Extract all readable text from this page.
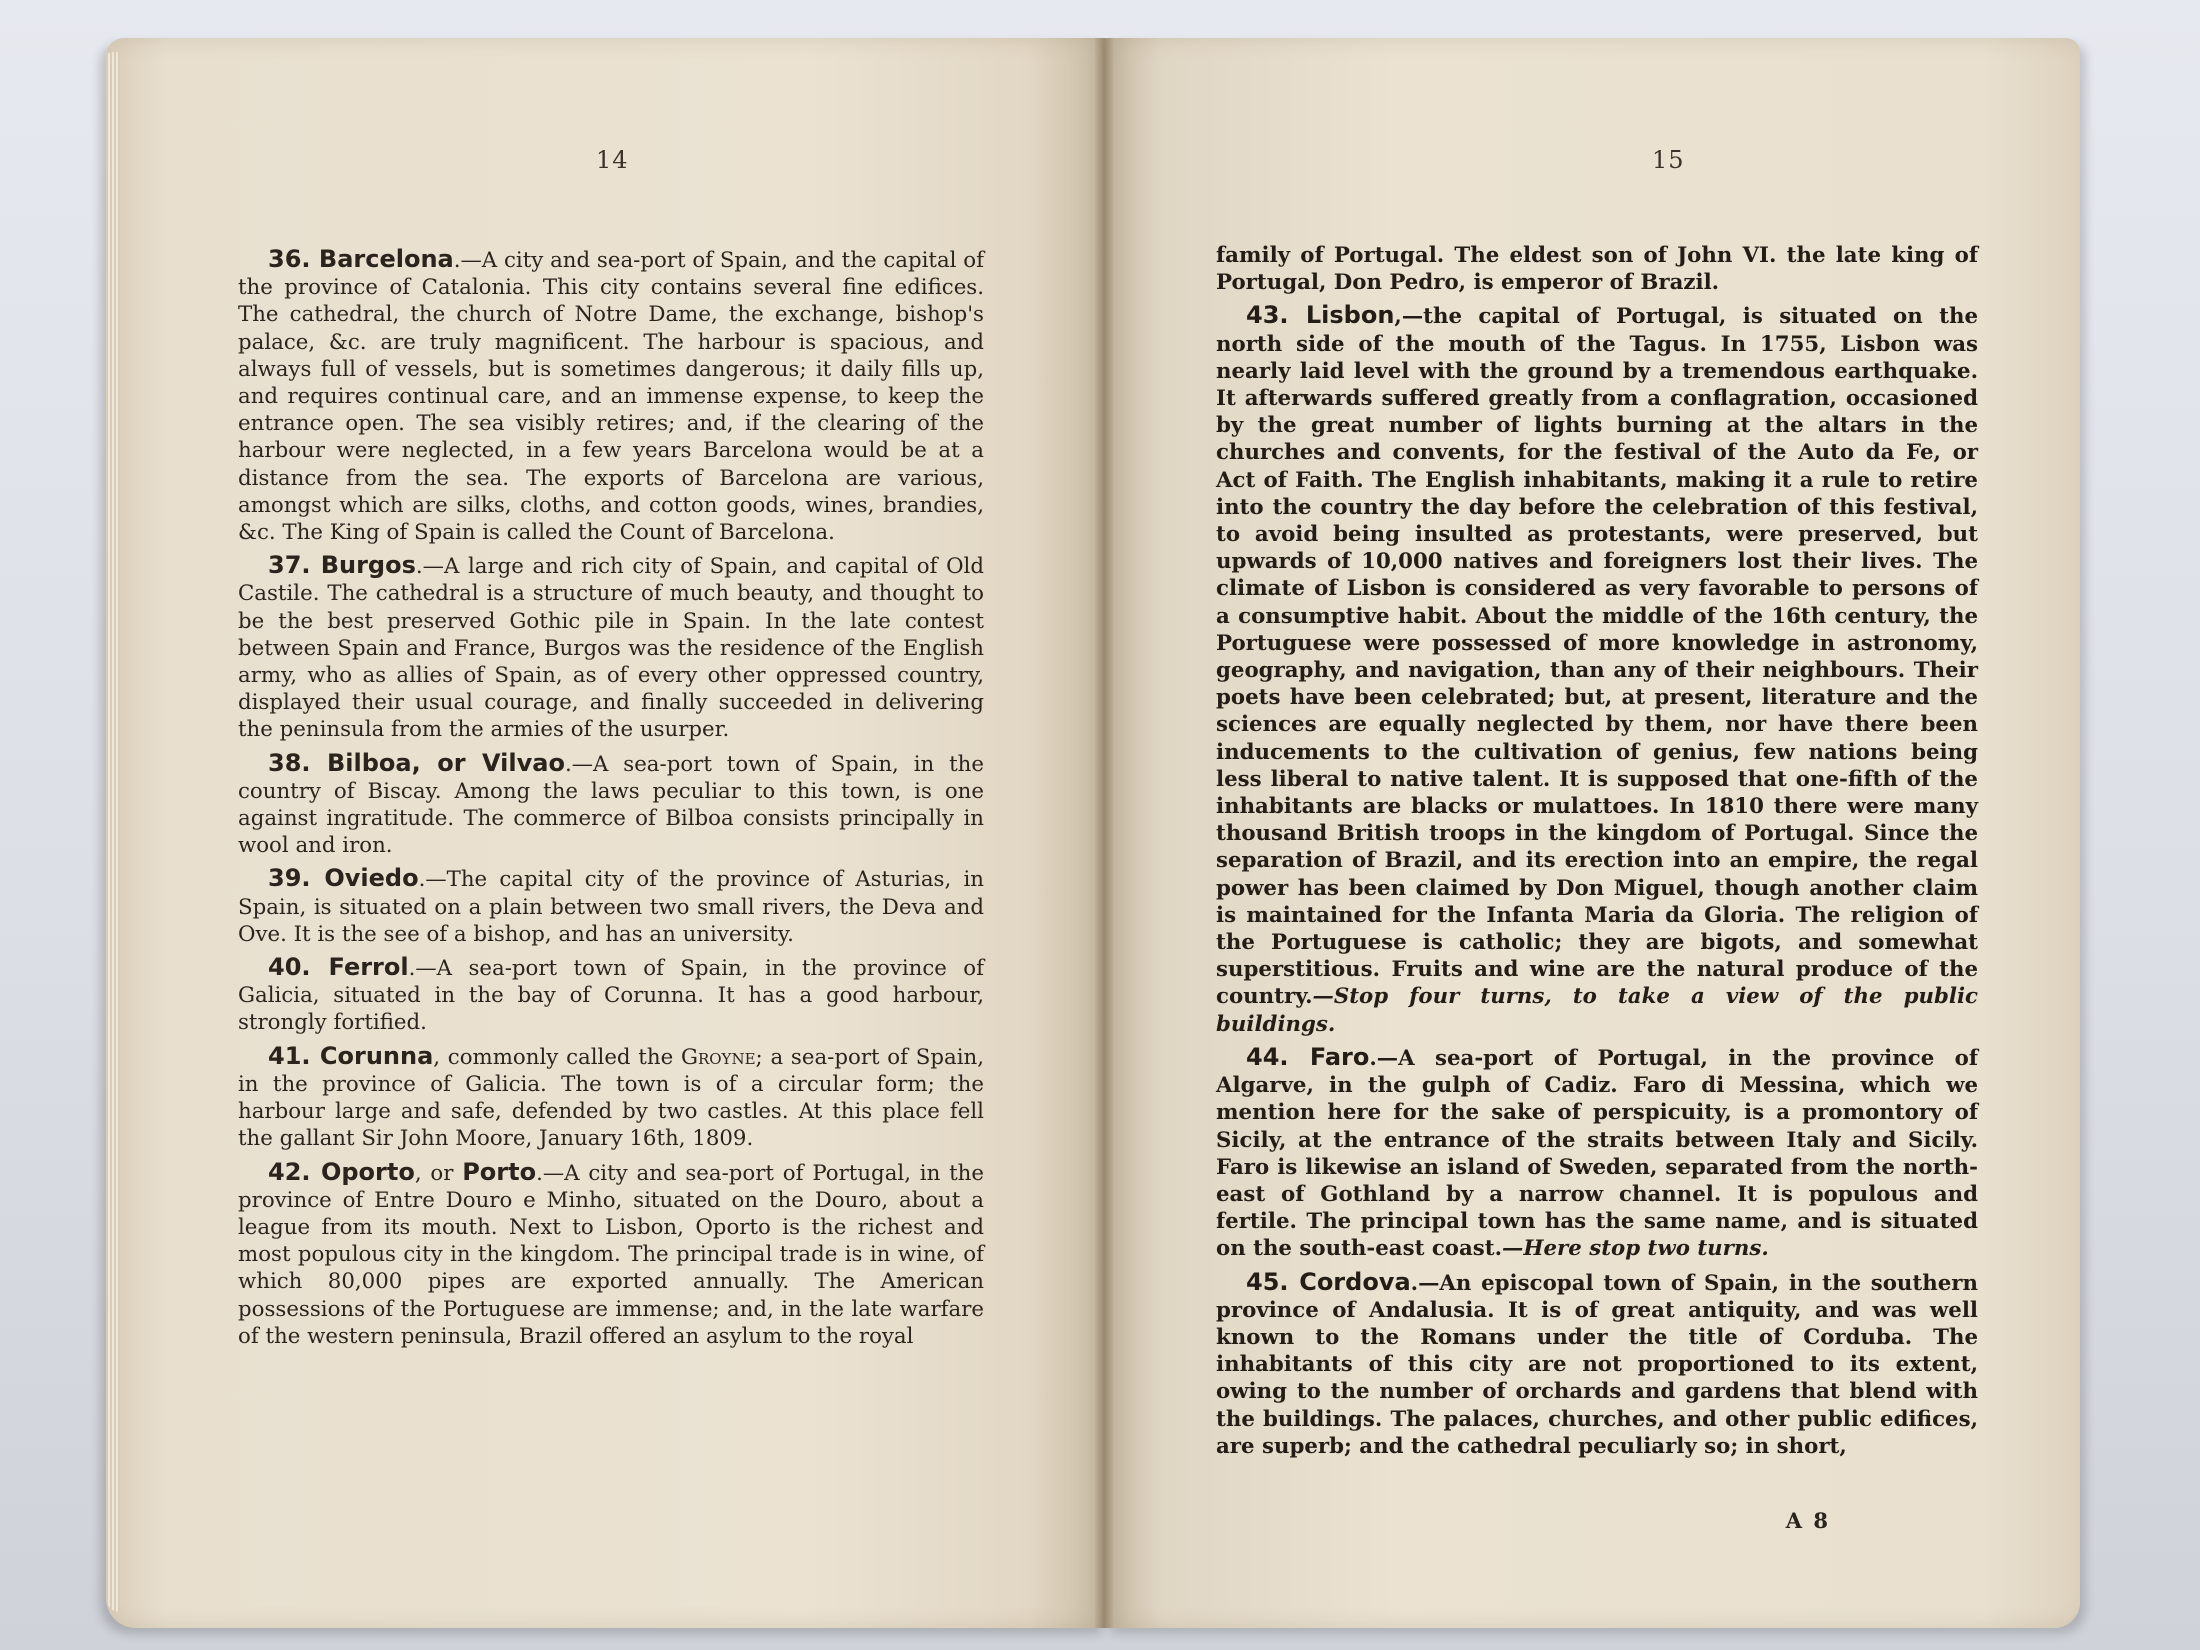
14

36. Barcelona.—A city and sea-port of Spain, and the capital of the province of Catalonia. This city contains several fine edifices. The cathedral, the church of Notre Dame, the exchange, bishop's palace, &c. are truly magnificent. The harbour is spacious, and always full of vessels, but is sometimes dangerous; it daily fills up, and requires continual care, and an immense expense, to keep the entrance open. The sea visibly retires; and, if the clearing of the harbour were neglected, in a few years Barcelona would be at a distance from the sea. The exports of Barcelona are various, amongst which are silks, cloths, and cotton goods, wines, brandies, &c. The King of Spain is called the Count of Barcelona.

37. Burgos.—A large and rich city of Spain, and capital of Old Castile. The cathedral is a structure of much beauty, and thought to be the best preserved Gothic pile in Spain. In the late contest between Spain and France, Burgos was the residence of the English army, who as allies of Spain, as of every other oppressed country, displayed their usual courage, and finally succeeded in delivering the peninsula from the armies of the usurper.

38. Bilboa, or Vilvao.—A sea-port town of Spain, in the country of Biscay. Among the laws peculiar to this town, is one against ingratitude. The commerce of Bilboa consists principally in wool and iron.

39. Oviedo.—The capital city of the province of Asturias, in Spain, is situated on a plain between two small rivers, the Deva and Ove. It is the see of a bishop, and has an university.

40. Ferrol.—A sea-port town of Spain, in the province of Galicia, situated in the bay of Corunna. It has a good harbour, strongly fortified.

41. Corunna, commonly called the Groyne; a sea-port of Spain, in the province of Galicia. The town is of a circular form; the harbour large and safe, defended by two castles. At this place fell the gallant Sir John Moore, January 16th, 1809.

42. Oporto, or Porto.—A city and sea-port of Portugal, in the province of Entre Douro e Minho, situated on the Douro, about a league from its mouth. Next to Lisbon, Oporto is the richest and most populous city in the kingdom. The principal trade is in wine, of which 80,000 pipes are exported annually. The American possessions of the Portuguese are immense; and, in the late warfare of the western peninsula, Brazil offered an asylum to the royal

15

family of Portugal. The eldest son of John VI. the late king of Portugal, Don Pedro, is emperor of Brazil.

43. Lisbon,—the capital of Portugal, is situated on the north side of the mouth of the Tagus. In 1755, Lisbon was nearly laid level with the ground by a tremendous earthquake. It afterwards suffered greatly from a conflagration, occasioned by the great number of lights burning at the altars in the churches and convents, for the festival of the Auto da Fe, or Act of Faith. The English inhabitants, making it a rule to retire into the country the day before the celebration of this festival, to avoid being insulted as protestants, were preserved, but upwards of 10,000 natives and foreigners lost their lives. The climate of Lisbon is considered as very favorable to persons of a consumptive habit. About the middle of the 16th century, the Portuguese were possessed of more knowledge in astronomy, geography, and navigation, than any of their neighbours. Their poets have been celebrated; but, at present, literature and the sciences are equally neglected by them, nor have there been inducements to the cultivation of genius, few nations being less liberal to native talent. It is supposed that one-fifth of the inhabitants are blacks or mulattoes. In 1810 there were many thousand British troops in the kingdom of Portugal. Since the separation of Brazil, and its erection into an empire, the regal power has been claimed by Don Miguel, though another claim is maintained for the Infanta Maria da Gloria. The religion of the Portuguese is catholic; they are bigots, and somewhat superstitious. Fruits and wine are the natural produce of the country.—Stop four turns, to take a view of the public buildings.

44. Faro.—A sea-port of Portugal, in the province of Algarve, in the gulph of Cadiz. Faro di Messina, which we mention here for the sake of perspicuity, is a promontory of Sicily, at the entrance of the straits between Italy and Sicily. Faro is likewise an island of Sweden, separated from the north-east of Gothland by a narrow channel. It is populous and fertile. The principal town has the same name, and is situated on the south-east coast.—Here stop two turns.

45. Cordova.—An episcopal town of Spain, in the southern province of Andalusia. It is of great antiquity, and was well known to the Romans under the title of Corduba. The inhabitants of this city are not proportioned to its extent, owing to the number of orchards and gardens that blend with the buildings. The palaces, churches, and other public edifices, are superb; and the cathedral peculiarly so; in short,

A 8
